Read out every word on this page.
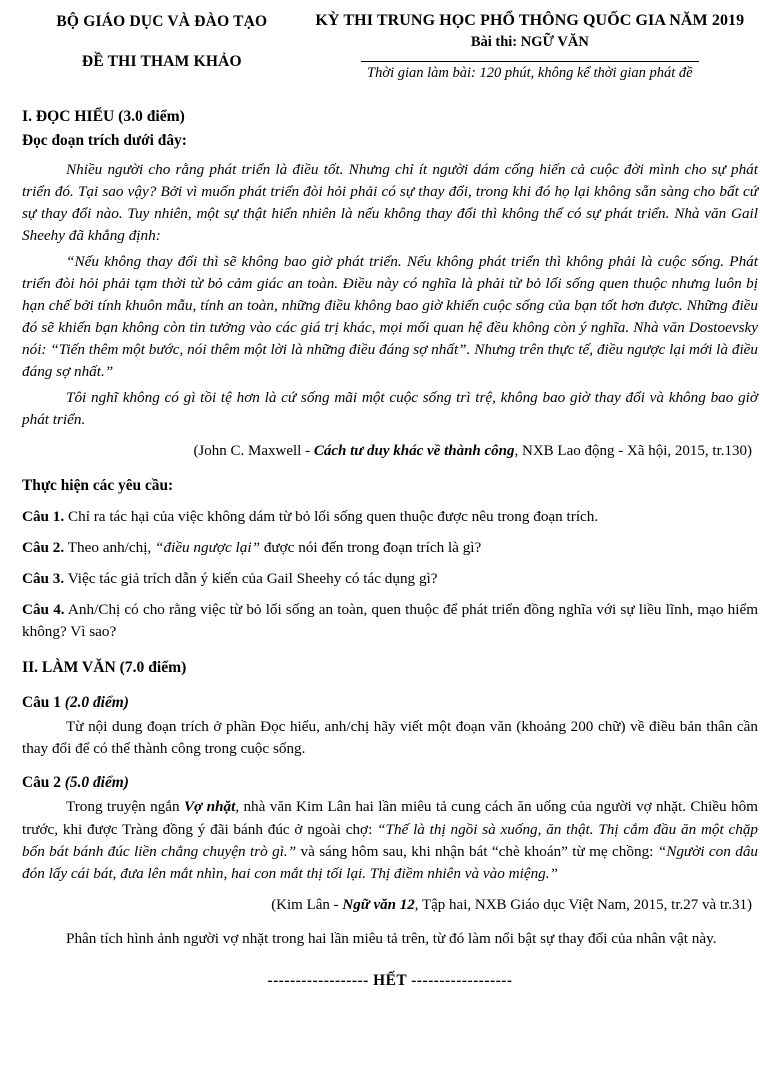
BỘ GIÁO DỤC VÀ ĐÀO TẠO
ĐỀ THI THAM KHẢO
KỲ THI TRUNG HỌC PHỔ THÔNG QUỐC GIA NĂM 2019
Bài thi: NGỮ VĂN
Thời gian làm bài: 120 phút, không kể thời gian phát đề
I. ĐỌC HIỂU (3.0 điểm)
Đọc đoạn trích dưới đây:

Nhiều người cho rằng phát triển là điều tốt. Nhưng chỉ ít người dám cống hiến cả cuộc đời mình cho sự phát triển đó. Tại sao vậy? Bởi vì muốn phát triển đòi hỏi phải có sự thay đổi, trong khi đó họ lại không sẵn sàng cho bất cứ sự thay đổi nào. Tuy nhiên, một sự thật hiển nhiên là nếu không thay đổi thì không thể có sự phát triển. Nhà văn Gail Sheehy đã khẳng định:

“Nếu không thay đổi thì sẽ không bao giờ phát triển. Nếu không phát triển thì không phải là cuộc sống. Phát triển đòi hỏi phải tạm thời từ bỏ cảm giác an toàn. Điều này có nghĩa là phải từ bỏ lối sống quen thuộc nhưng luôn bị hạn chế bởi tính khuôn mẫu, tính an toàn, những điều không bao giờ khiến cuộc sống của bạn tốt hơn được. Những điều đó sẽ khiến bạn không còn tin tưởng vào các giá trị khác, mọi mối quan hệ đều không còn ý nghĩa. Nhà văn Dostoevsky nói: “Tiến thêm một bước, nói thêm một lời là những điều đáng sợ nhất”. Nhưng trên thực tế, điều ngược lại mới là điều đáng sợ nhất.”

Tôi nghĩ không có gì tồi tệ hơn là cứ sống mãi một cuộc sống trì trệ, không bao giờ thay đổi và không bao giờ phát triển.

(John C. Maxwell - Cách tư duy khác về thành công, NXB Lao động - Xã hội, 2015, tr.130)
Thực hiện các yêu cầu:
Câu 1. Chỉ ra tác hại của việc không dám từ bỏ lối sống quen thuộc được nêu trong đoạn trích.
Câu 2. Theo anh/chị, “điều ngược lại” được nói đến trong đoạn trích là gì?
Câu 3. Việc tác giả trích dẫn ý kiến của Gail Sheehy có tác dụng gì?
Câu 4. Anh/Chị có cho rằng việc từ bỏ lối sống an toàn, quen thuộc để phát triển đồng nghĩa với sự liều lĩnh, mạo hiểm không? Vì sao?
II. LÀM VĂN (7.0 điểm)
Câu 1 (2.0 điểm)

Từ nội dung đoạn trích ở phần Đọc hiểu, anh/chị hãy viết một đoạn văn (khoảng 200 chữ) về điều bản thân cần thay đổi để có thể thành công trong cuộc sống.

Câu 2 (5.0 điểm)

Trong truyện ngắn Vợ nhặt, nhà văn Kim Lân hai lần miêu tả cung cách ăn uống của người vợ nhặt. Chiều hôm trước, khi được Tràng đồng ý đãi bánh đúc ở ngoài chợ: “Thế là thị ngồi sà xuống, ăn thật. Thị cắm đầu ăn một chặp bốn bát bánh đúc liền chẳng chuyện trò gì.” và sáng hôm sau, khi nhận bát “chè khoán” từ mẹ chồng: “Người con dâu đón lấy cái bát, đưa lên mắt nhìn, hai con mắt thị tối lại. Thị điềm nhiên và vào miệng.”

(Kim Lân - Ngữ văn 12, Tập hai, NXB Giáo dục Việt Nam, 2015, tr.27 và tr.31)

Phân tích hình ảnh người vợ nhặt trong hai lần miêu tả trên, từ đó làm nổi bật sự thay đổi của nhân vật này.

------------------ HẾT ------------------
